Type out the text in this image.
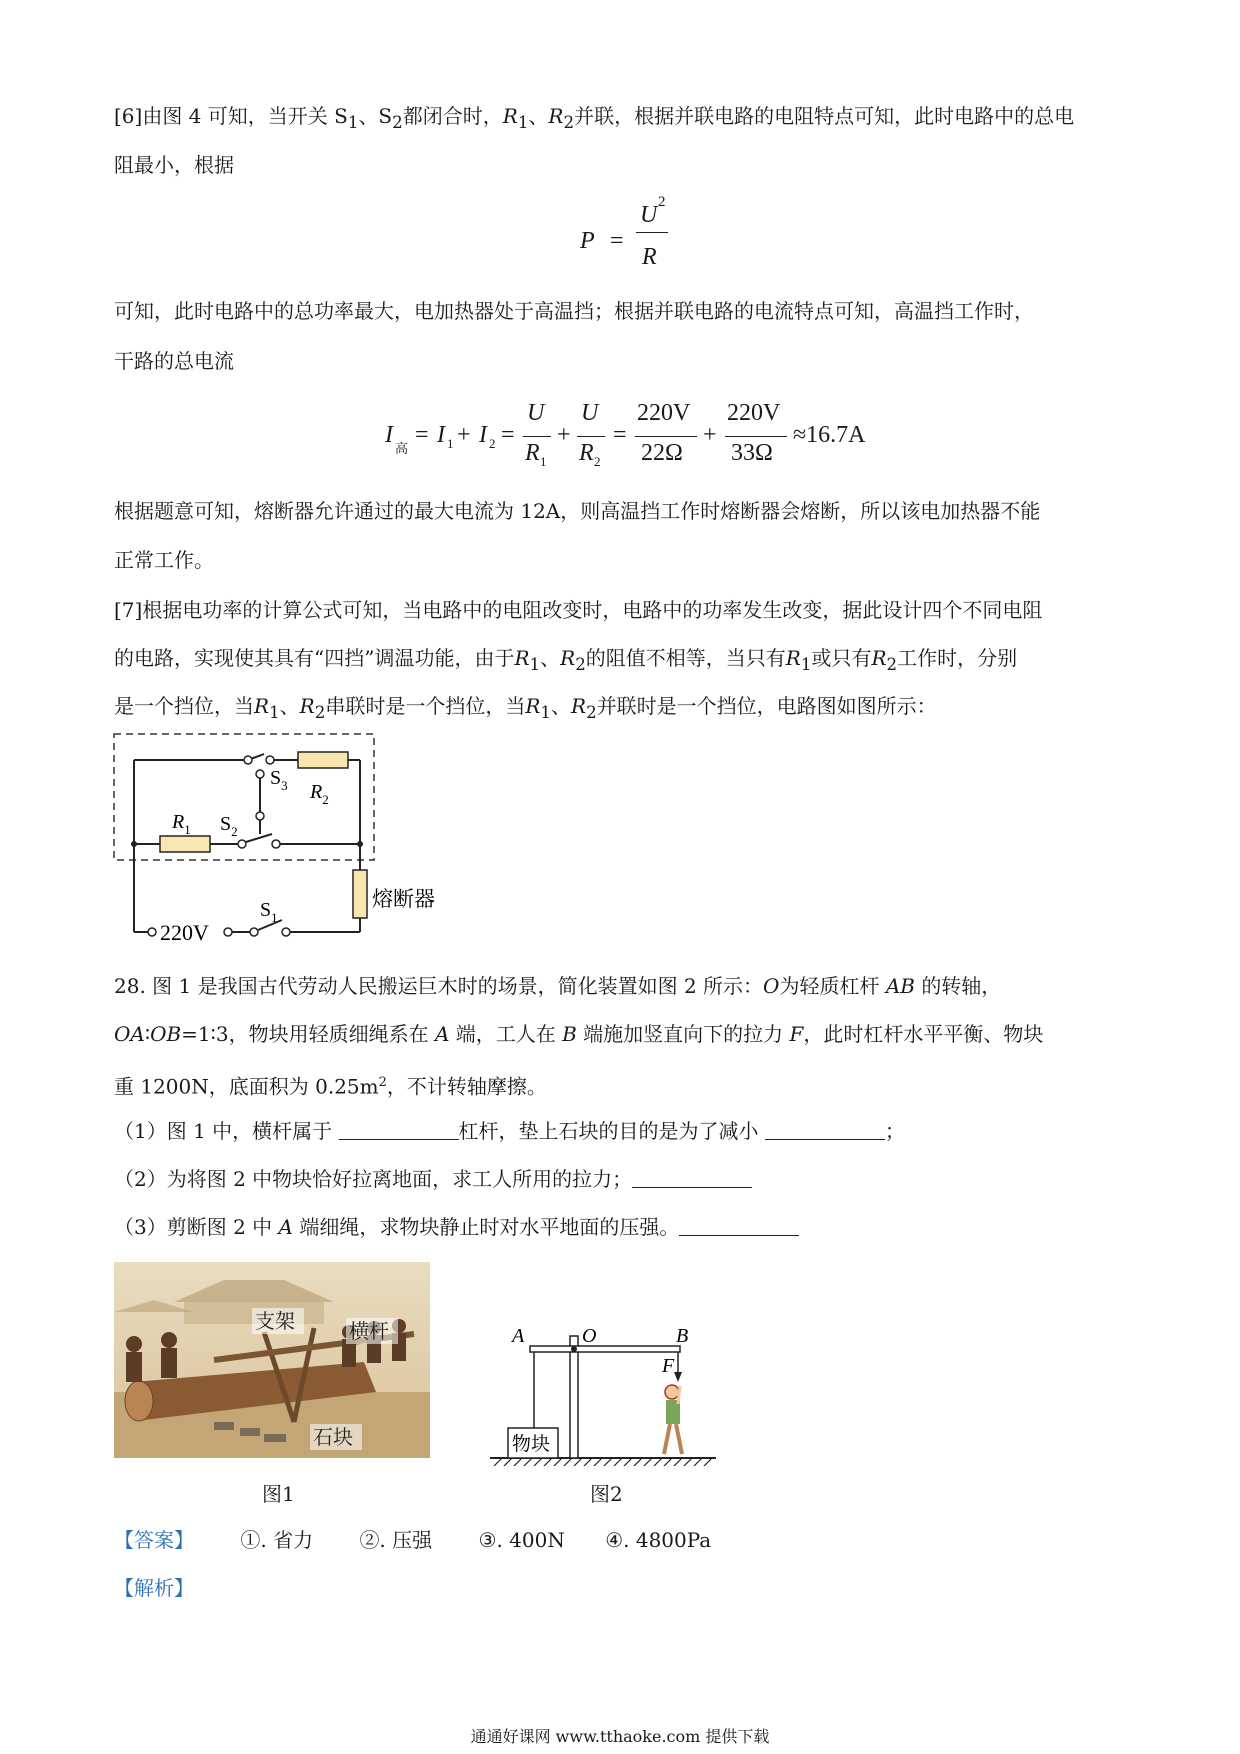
[6]由图 4 可知，当开关 $S_1$、$S_2$都闭合时，$R_1$、$R_2$并联，根据并联电路的电阻特点可知，此时电路中的总电
阻最小，根据
P =
U 2
R
可知，此时电路中的总功率最大，电加热器处于高温挡；根据并联电路的电流特点可知，高温挡工作时，
干路的总电流
I
高
= I 1 + I 2 =
U
R 1
+
U
R 2
=
220V
22Ω
+
220V
33Ω
≈16.7A
根据题意可知，熔断器允许通过的最大电流为 12A，则高温挡工作时熔断器会熔断，所以该电加热器不能
正常工作。
[7]根据电功率的计算公式可知，当电路中的电阻改变时，电路中的功率发生改变，据此设计四个不同电阻
的电路，实现使其具有“四挡”调温功能，由于$R_1$、$R_2$的阻值不相等，当只有$R_1$或只有$R_2$工作时，分别
是一个挡位，当$R_1$、$R_2$串联时是一个挡位，当$R_1$、$R_2$并联时是一个挡位，电路图如图所示：
$S_3$ $R_2$
$R_1$ $S_2$
$S_1$
220V
熔断器
28. 图 1 是我国古代劳动人民搬运巨木时的场景，简化装置如图 2 所示：O为轻质杠杆 AB 的转轴，
OA∶OB=1∶3，物块用轻质细绳系在 A 端，工人在 B 端施加竖直向下的拉力 F，此时杠杆水平平衡、物块
重 1200N，底面积为 $0.25m^2$，不计转轴摩擦。
（1）图 1 中，横杆属于	杠杆，垫上石块的目的是为了减小	；
（2）为将图 2 中物块恰好拉离地面，求工人所用的拉力；
（3）剪断图 2 中 A 端细绳，求物块静止时对水平地面的压强。
支架	横杆
石块
图1
A	O	B
F
物块
图2
【答案】 ①. 省力 ②. 压强 ③. 400N ④. 4800Pa
【解析】
通通好课网 www.tthaoke.com 提供下载
